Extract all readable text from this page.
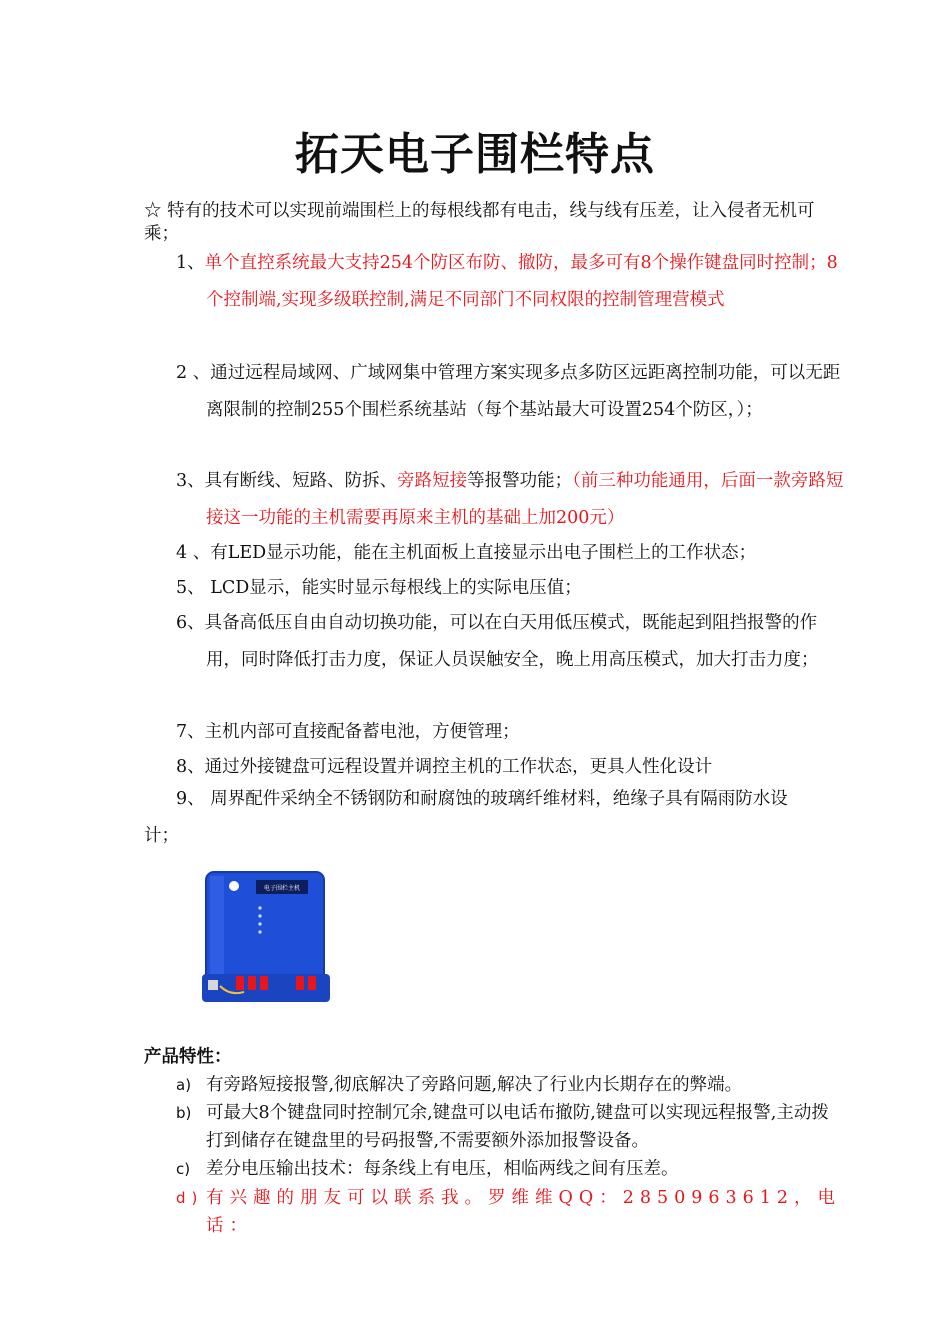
拓天电子围栏特点
☆ 特有的技术可以实现前端围栏上的每根线都有电击，线与线有压差，让入侵者无机可乘；
1、单个直控系统最大支持254个防区布防、撤防，最多可有8个操作键盘同时控制；8个控制端,实现多级联控制,满足不同部门不同权限的控制管理营模式
2 、通过远程局域网、广域网集中管理方案实现多点多防区远距离控制功能，可以无距离限制的控制255个围栏系统基站（每个基站最大可设置254个防区，）；
3、具有断线、短路、防拆、旁路短接等报警功能；（前三种功能通用，后面一款旁路短接这一功能的主机需要再原来主机的基础上加200元）
4 、有LED显示功能，能在主机面板上直接显示出电子围栏上的工作状态；
5、 LCD显示，能实时显示每根线上的实际电压值；
6、具备高低压自由自动切换功能，可以在白天用低压模式，既能起到阻挡报警的作用，同时降低打击力度，保证人员误触安全，晚上用高压模式，加大打击力度；
7、主机内部可直接配备蓄电池，方便管理；
8、通过外接键盘可远程设置并调控主机的工作状态，更具人性化设计
9、 周界配件采纳全不锈钢防和耐腐蚀的玻璃纤维材料，绝缘子具有隔雨防水设计；
电子围栏主机
产品特性：
a) 有旁路短接报警,彻底解决了旁路问题,解决了行业内长期存在的弊端。
b) 可最大8个键盘同时控制冗余,键盘可以电话布撤防,键盘可以实现远程报警,主动拨打到储存在键盘里的号码报警,不需要额外添加报警设备。
c) 差分电压输出技术：每条线上有电压，相临两线之间有压差。
d) 有兴趣的朋友可以联系我。罗维维QQ：2850963612，电话：
